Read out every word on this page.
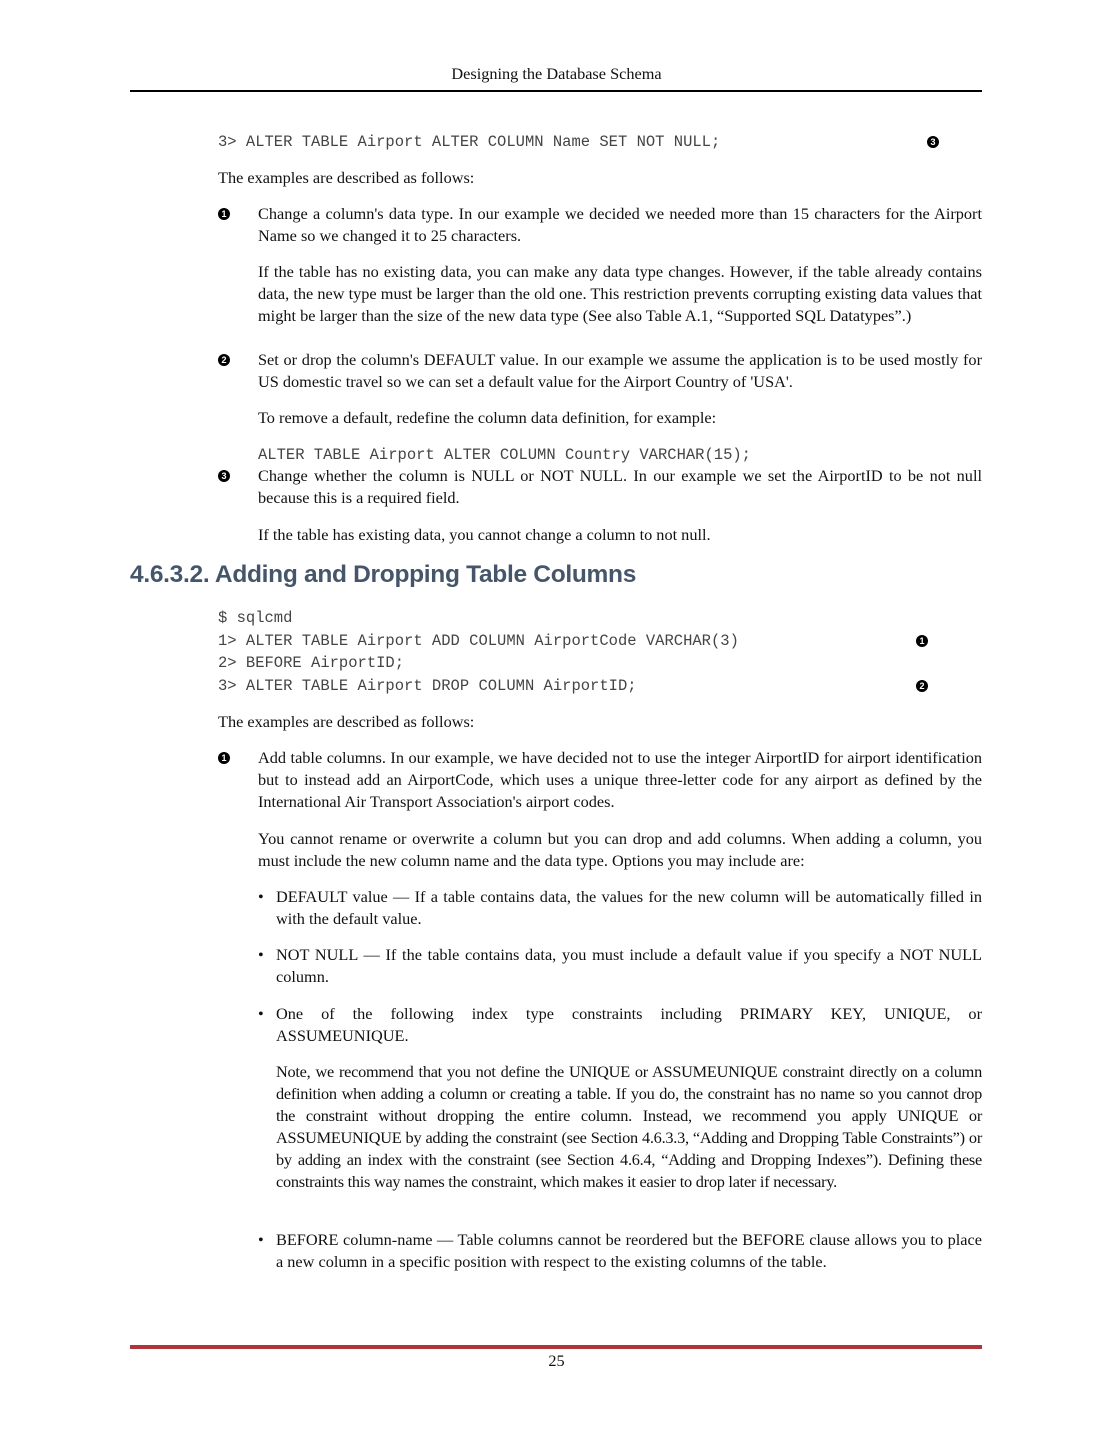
Designing the Database Schema
3> ALTER TABLE Airport ALTER COLUMN Name SET NOT NULL;	3
The examples are described as follows:
1 Change a column's data type. In our example we decided we needed more than 15 characters for the Airport Name so we changed it to 25 characters.
If the table has no existing data, you can make any data type changes. However, if the table already contains data, the new type must be larger than the old one. This restriction prevents corrupting existing data values that might be larger than the size of the new data type (See also Table A.1, “Supported SQL Datatypes”.)
2 Set or drop the column's DEFAULT value. In our example we assume the application is to be used mostly for US domestic travel so we can set a default value for the Airport Country of 'USA'.
To remove a default, redefine the column data definition, for example:
ALTER TABLE Airport ALTER COLUMN Country VARCHAR(15);
3 Change whether the column is NULL or NOT NULL. In our example we set the AirportID to be not null because this is a required field.
If the table has existing data, you cannot change a column to not null.
4.6.3.2. Adding and Dropping Table Columns
$ sqlcmd
1> ALTER TABLE Airport ADD COLUMN AirportCode VARCHAR(3)
2> BEFORE AirportID;
3> ALTER TABLE Airport DROP COLUMN AirportID;
1
2
The examples are described as follows:
1 Add table columns. In our example, we have decided not to use the integer AirportID for airport identification but to instead add an AirportCode, which uses a unique three-letter code for any airport as defined by the International Air Transport Association's airport codes.
You cannot rename or overwrite a column but you can drop and add columns. When adding a column, you must include the new column name and the data type. Options you may include are:
• DEFAULT value — If a table contains data, the values for the new column will be automatically filled in with the default value.
• NOT NULL — If the table contains data, you must include a default value if you specify a NOT NULL column.
• One of the following index type constraints including PRIMARY KEY, UNIQUE, or ASSUMEUNIQUE.
Note, we recommend that you not define the UNIQUE or ASSUMEUNIQUE constraint directly on a column definition when adding a column or creating a table. If you do, the constraint has no name so you cannot drop the constraint without dropping the entire column. Instead, we recommend you apply UNIQUE or ASSUMEUNIQUE by adding the constraint (see Section 4.6.3.3, “Adding and Dropping Table Constraints”) or by adding an index with the constraint (see Section 4.6.4, “Adding and Dropping Indexes”). Defining these constraints this way names the constraint, which makes it easier to drop later if necessary.
• BEFORE column-name — Table columns cannot be reordered but the BEFORE clause allows you to place a new column in a specific position with respect to the existing columns of the table.
25
